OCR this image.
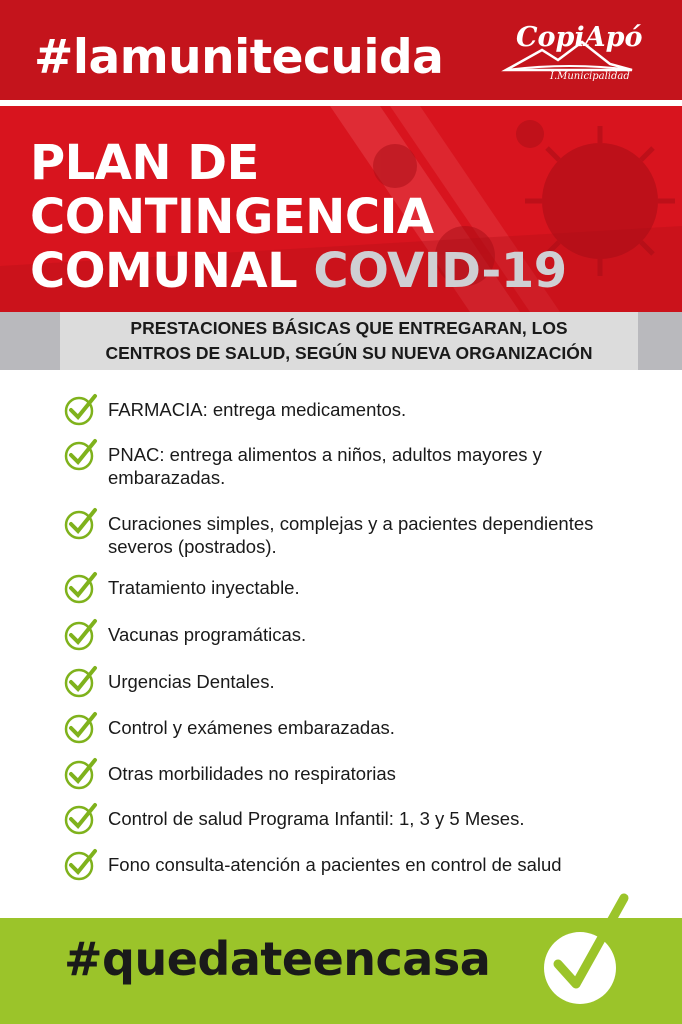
#lamunitecuida	CopiApó
I.Municipalidad
PLAN DE
CONTINGENCIA
COMUNAL COVID-19
PRESTACIONES BÁSICAS QUE ENTREGARAN, LOS
CENTROS DE SALUD, SEGÚN SU NUEVA ORGANIZACIÓN
FARMACIA: entrega medicamentos.
PNAC: entrega alimentos a niños, adultos mayores y embarazadas.
Curaciones simples, complejas y a pacientes dependientes severos (postrados).
Tratamiento inyectable.
Vacunas programáticas.
Urgencias Dentales.
Control y exámenes embarazadas.
Otras morbilidades no respiratorias
Control de salud Programa Infantil: 1, 3 y 5 Meses.
Fono consulta-atención a pacientes en control de salud
#quedateencasa
